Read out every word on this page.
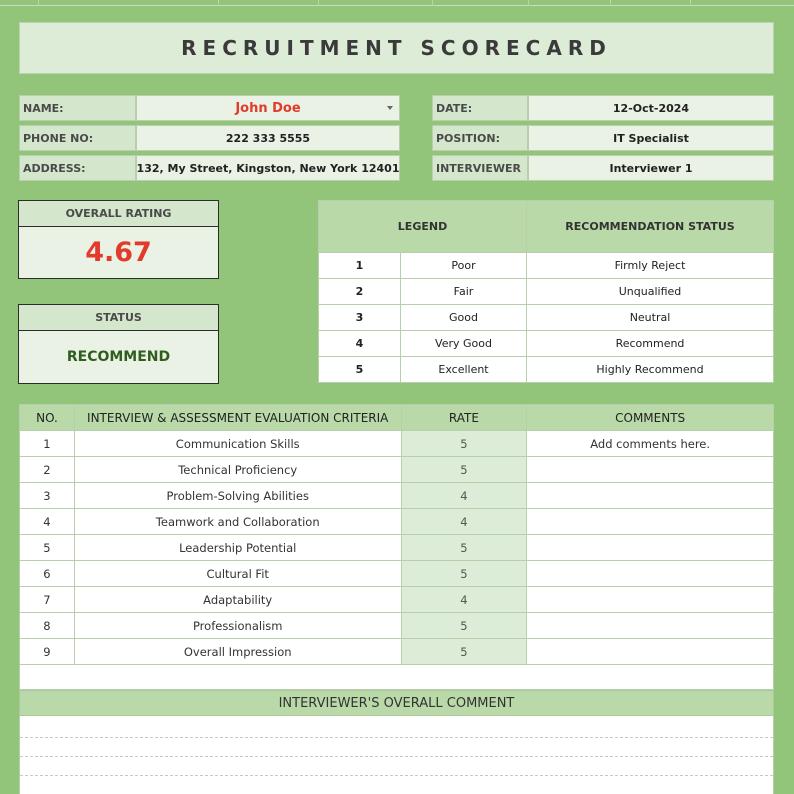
RECRUITMENT SCORECARD
NAME:	John Doe
PHONE NO:	222 333 5555
ADDRESS:	132, My Street, Kingston, New York 12401
DATE:	12-Oct-2024
POSITION:	IT Specialist
INTERVIEWER	Interviewer 1
OVERALL RATING
4.67
STATUS
RECOMMEND
LEGEND		RECOMMENDATION STATUS
1	Poor	Firmly Reject
2	Fair	Unqualified
3	Good	Neutral
4	Very Good	Recommend
5	Excellent	Highly Recommend
NO.	INTERVIEW & ASSESSMENT EVALUATION CRITERIA	RATE	COMMENTS
1	Communication Skills	5	Add comments here.
2	Technical Proficiency	5	
3	Problem-Solving Abilities	4	
4	Teamwork and Collaboration	4	
5	Leadership Potential	5	
6	Cultural Fit	5	
7	Adaptability	4	
8	Professionalism	5	
9	Overall Impression	5	
INTERVIEWER'S OVERALL COMMENT
